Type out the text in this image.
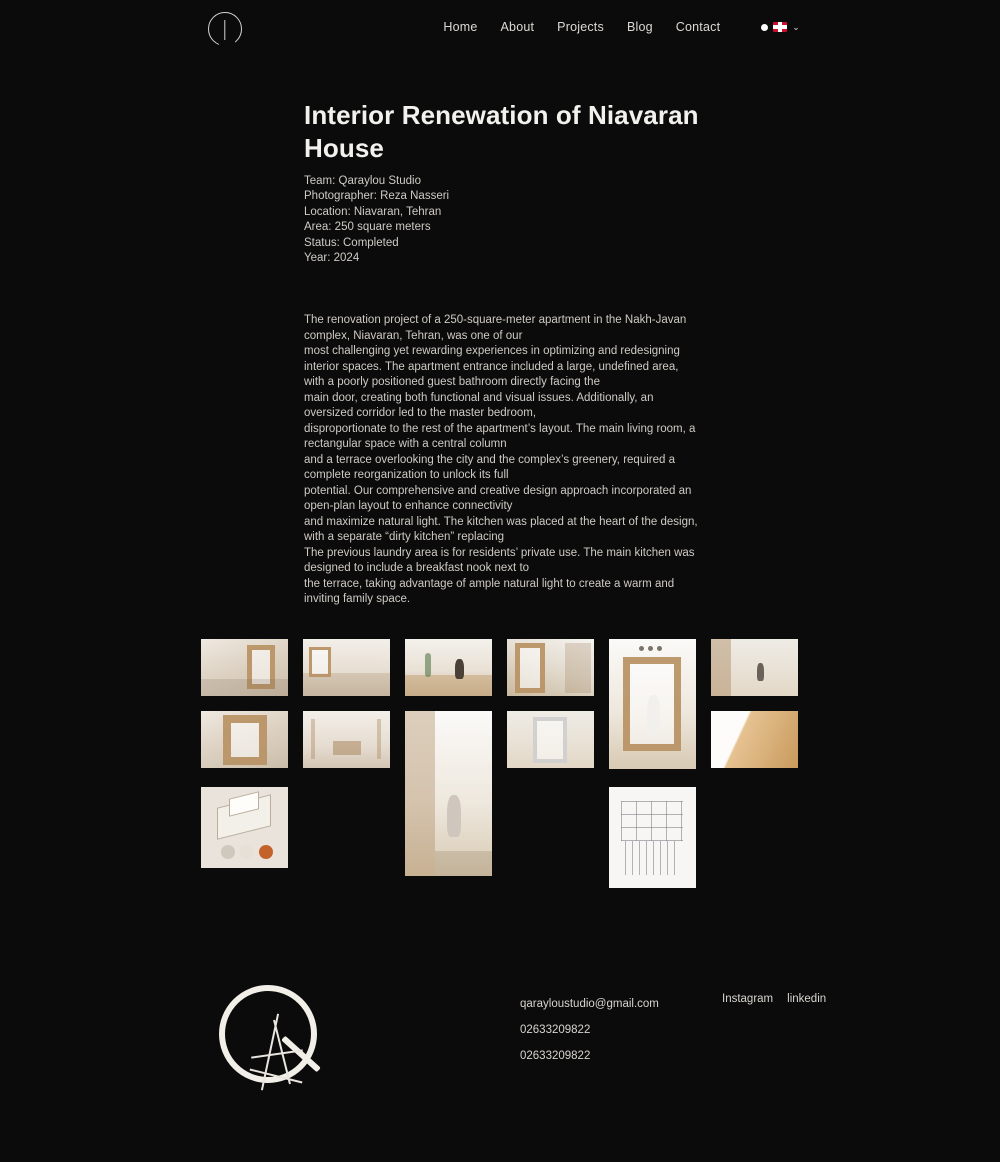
Home About Projects Blog Contact	⌄
Interior Renewation of Niavaran House
Team: Qaraylou Studio
Photographer: Reza Nasseri
Location: Niavaran, Tehran
Area: 250 square meters
Status: Completed
Year: 2024

The renovation project of a 250-square-meter apartment in the Nakh-Javan complex, Niavaran, Tehran, was one of our

most challenging yet rewarding experiences in optimizing and redesigning interior spaces. The apartment entrance included a large, undefined area, with a poorly positioned guest bathroom directly facing the

main door, creating both functional and visual issues. Additionally, an oversized corridor led to the master bedroom,

disproportionate to the rest of the apartment’s layout. The main living room, a rectangular space with a central column

and a terrace overlooking the city and the complex’s greenery, required a complete reorganization to unlock its full

potential. Our comprehensive and creative design approach incorporated an open-plan layout to enhance connectivity

and maximize natural light. The kitchen was placed at the heart of the design, with a separate “dirty kitchen” replacing

The previous laundry area is for residents’ private use. The main kitchen was designed to include a breakfast nook next to

the terrace, taking advantage of ample natural light to create a warm and inviting family space.

qarayloustudio@gmail.com
02633209822
02633209822
Instagram linkedin
